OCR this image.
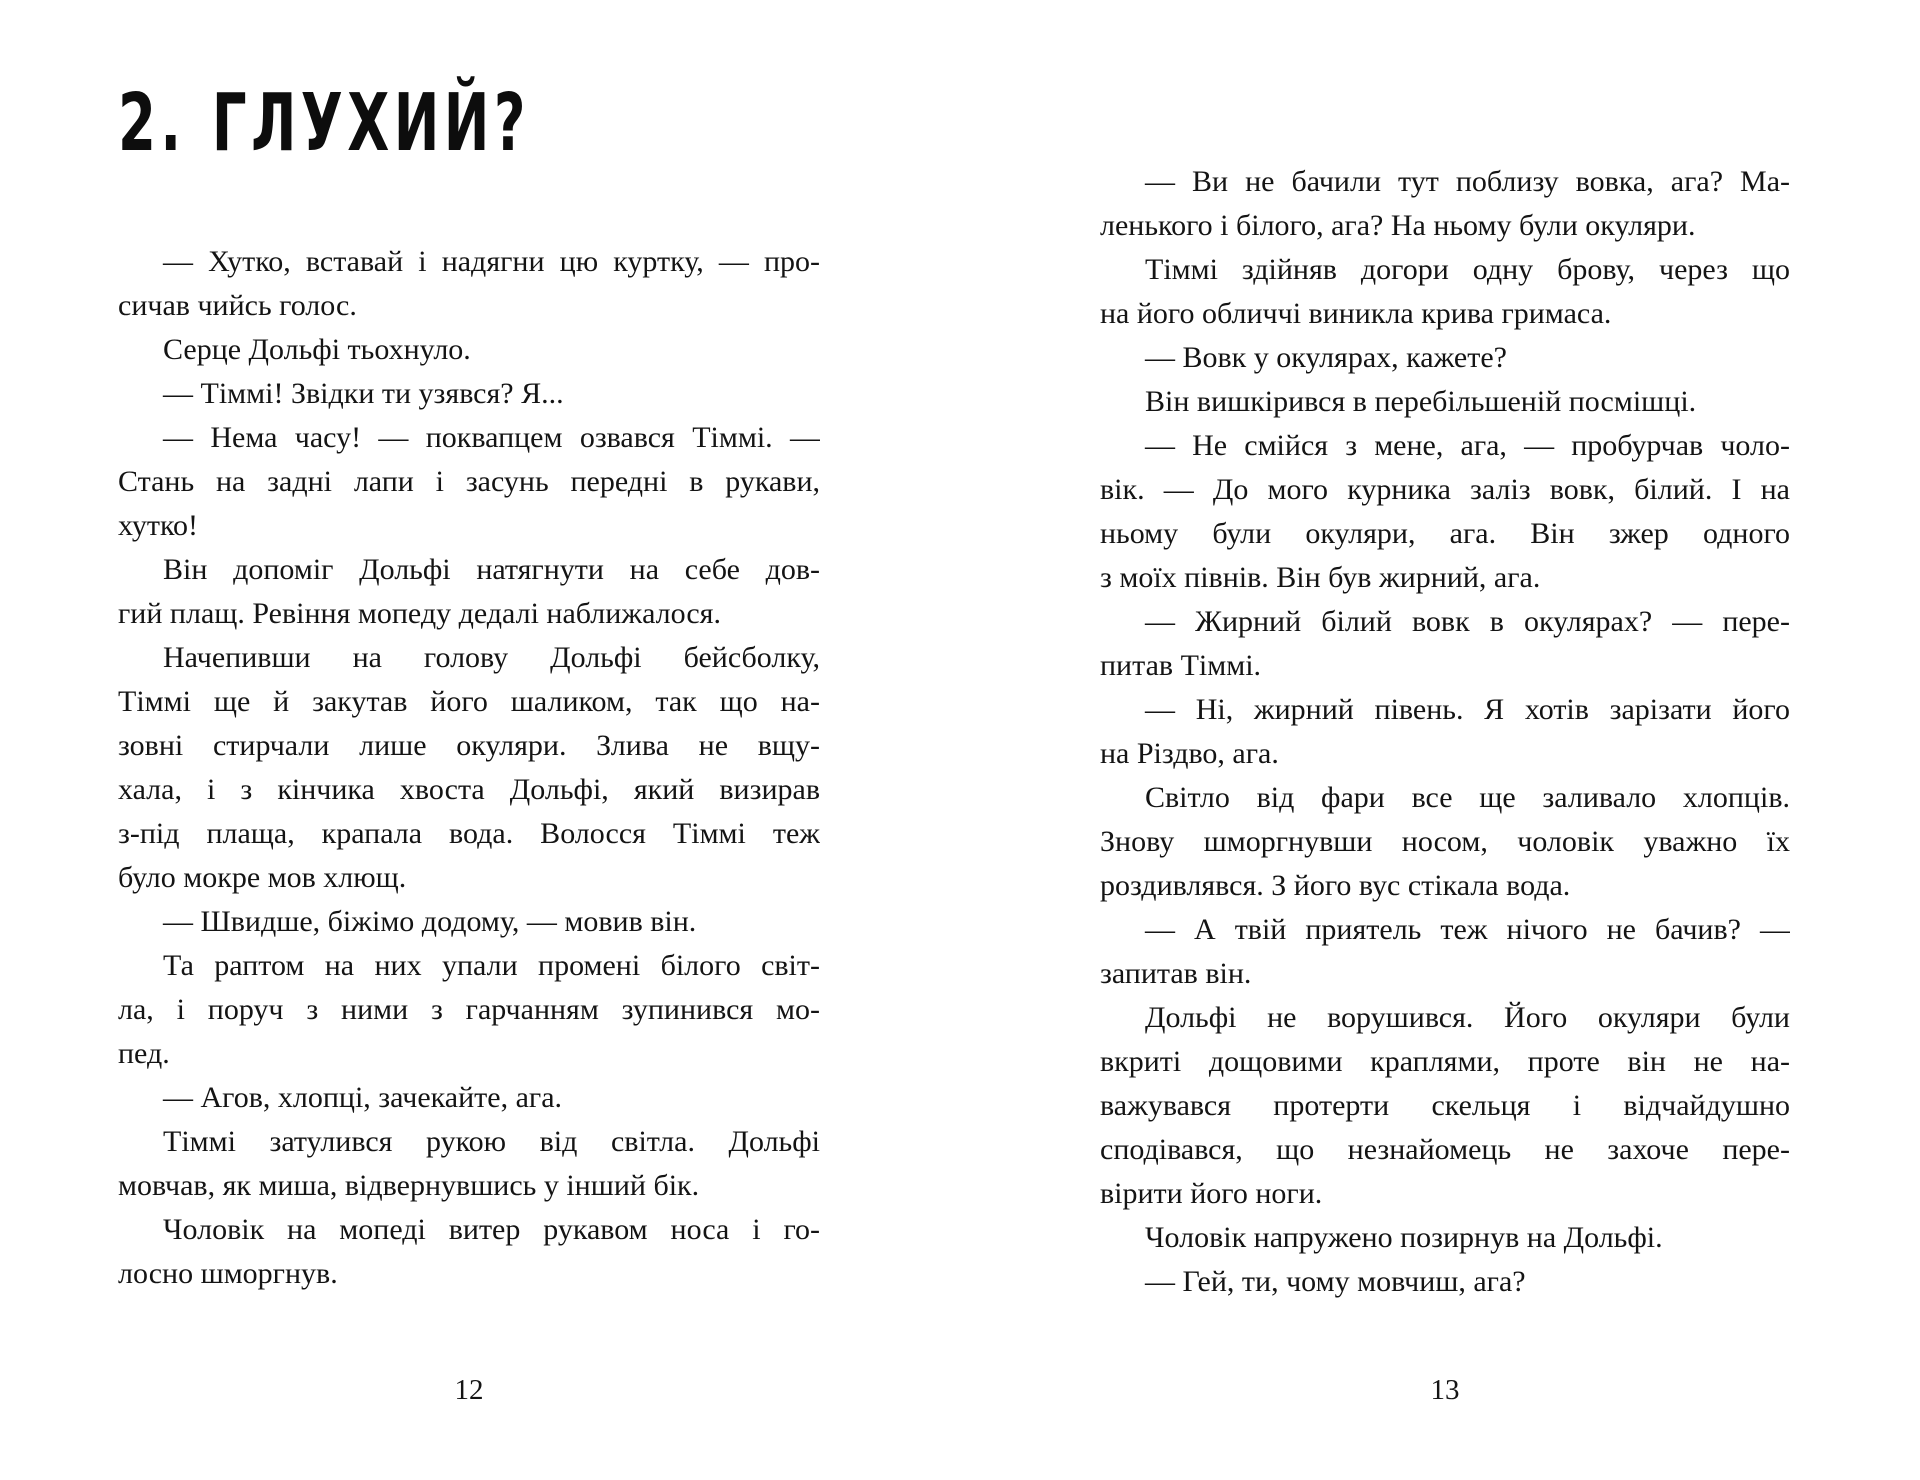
2. ГЛУХИЙ?
— Хутко, вставай і надягни цю куртку, — про-
сичав чийсь голос.
Серце Дольфі тьохнуло.
— Тіммі! Звідки ти узявся? Я...
— Нема часу! — поквапцем озвався Тіммі. —
Стань на задні лапи і засунь передні в рукави,
хутко!
Він допоміг Дольфі натягнути на себе дов-
гий плащ. Ревіння мопеду дедалі наближалося.
Начепивши на голову Дольфі бейсболку,
Тіммі ще й закутав його шаликом, так що на-
зовні стирчали лише окуляри. Злива не вщу-
хала, і з кінчика хвоста Дольфі, який визирав
з-під плаща, крапала вода. Волосся Тіммі теж
було мокре мов хлющ.
— Швидше, біжімо додому, — мовив він.
Та раптом на них упали промені білого світ-
ла, і поруч з ними з гарчанням зупинився мо-
пед.
— Агов, хлопці, зачекайте, ага.
Тіммі затулився рукою від світла. Дольфі
мовчав, як миша, відвернувшись у інший бік.
Чоловік на мопеді витер рукавом носа і го-
лосно шморгнув.
12
— Ви не бачили тут поблизу вовка, ага? Ма-
ленького і білого, ага? На ньому були окуляри.
Тіммі здійняв догори одну брову, через що
на його обличчі виникла крива гримаса.
— Вовк у окулярах, кажете?
Він вишкірився в перебільшеній посмішці.
— Не смійся з мене, ага, — пробурчав чоло-
вік. — До мого курника заліз вовк, білий. І на
ньому були окуляри, ага. Він зжер одного
з моїх півнів. Він був жирний, ага.
— Жирний білий вовк в окулярах? — пере-
питав Тіммі.
— Ні, жирний півень. Я хотів зарізати його
на Різдво, ага.
Світло від фари все ще заливало хлопців.
Знову шморгнувши носом, чоловік уважно їх
роздивлявся. З його вус стікала вода.
— А твій приятель теж нічого не бачив? —
запитав він.
Дольфі не ворушився. Його окуляри були
вкриті дощовими краплями, проте він не на-
важувався протерти скельця і відчайдушно
сподівався, що незнайомець не захоче пере-
вірити його ноги.
Чоловік напружено позирнув на Дольфі.
— Гей, ти, чому мовчиш, ага?
13
